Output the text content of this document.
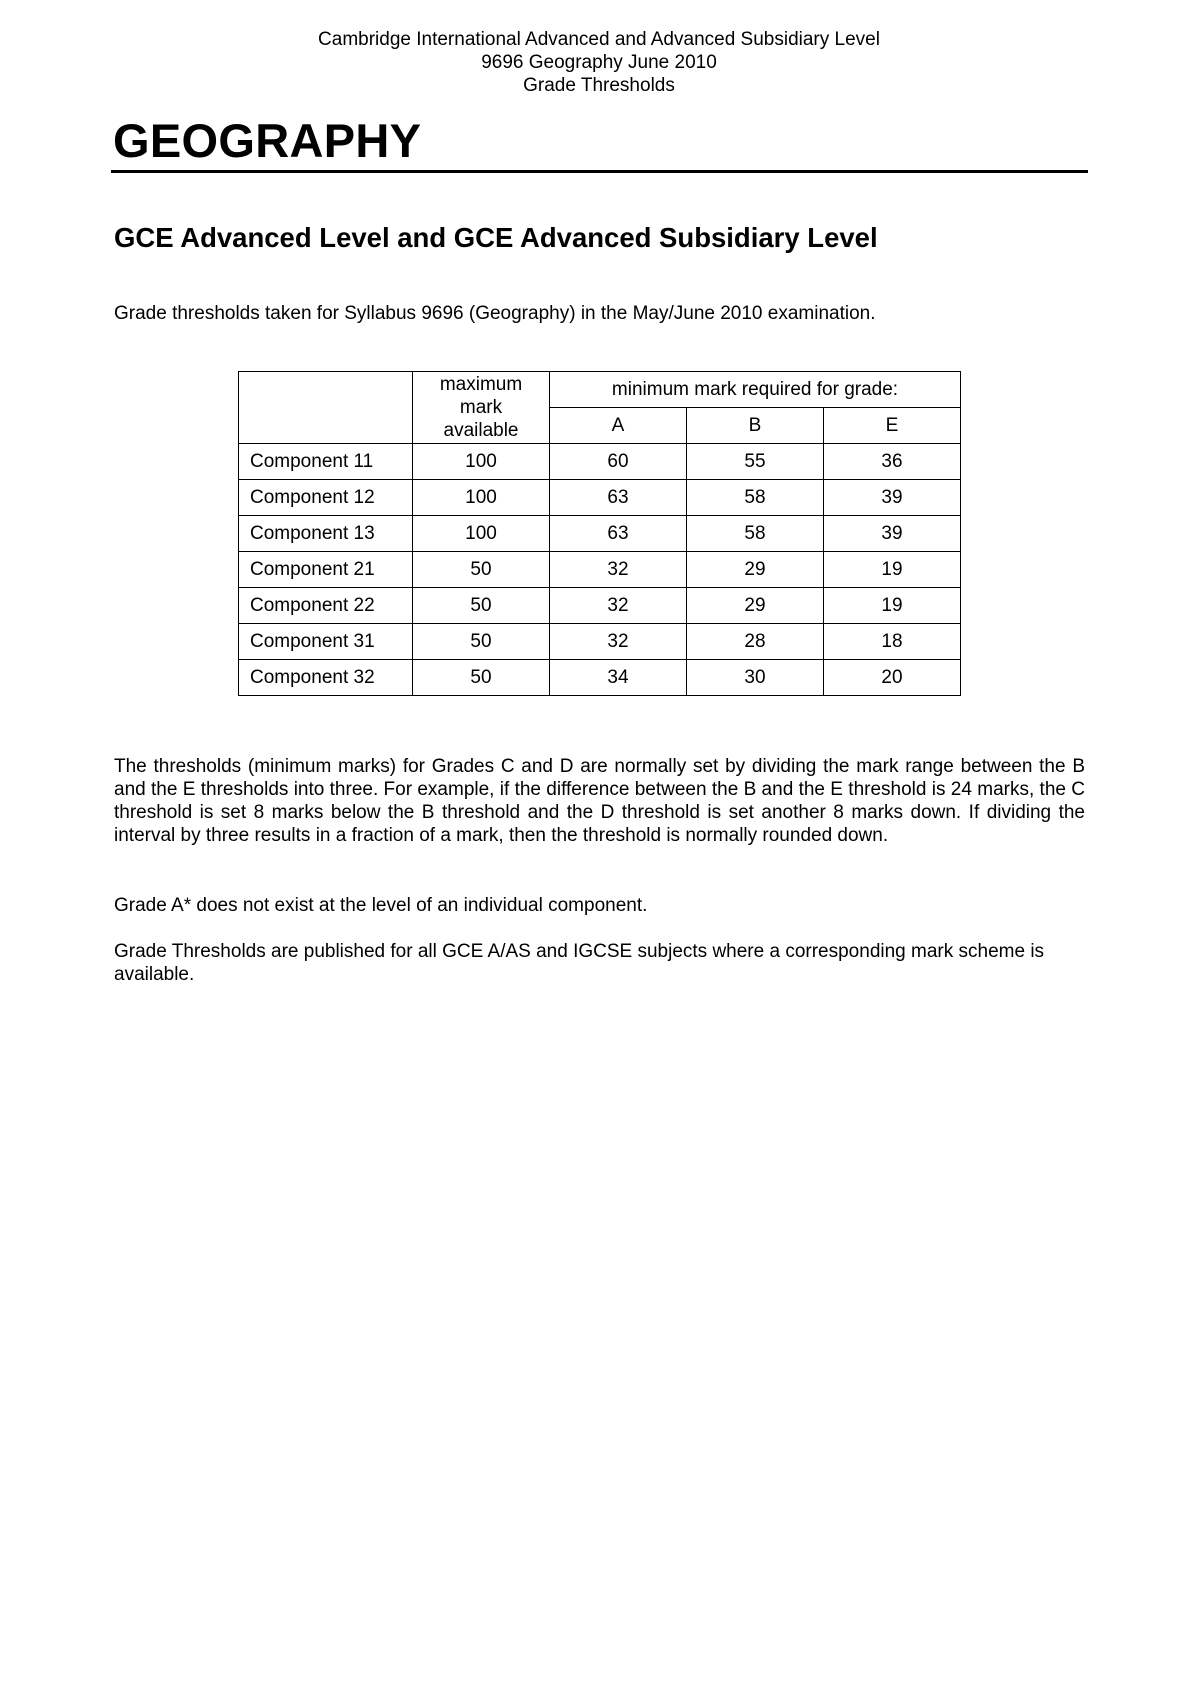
Cambridge International Advanced and Advanced Subsidiary Level
9696 Geography June 2010
Grade Thresholds
GEOGRAPHY
GCE Advanced Level and GCE Advanced Subsidiary Level
Grade thresholds taken for Syllabus 9696 (Geography) in the May/June 2010 examination.

	maximum
mark
available	minimum mark required for grade:		
		A	B	E
Component 11	100	60	55	36
Component 12	100	63	58	39
Component 13	100	63	58	39
Component 21	50	32	29	19
Component 22	50	32	29	19
Component 31	50	32	28	18
Component 32	50	34	30	20
The thresholds (minimum marks) for Grades C and D are normally set by dividing the mark range between the B and the E thresholds into three. For example, if the difference between the B and the E threshold is 24 marks, the C threshold is set 8 marks below the B threshold and the D threshold is set another 8 marks down. If dividing the interval by three results in a fraction of a mark, then the threshold is normally rounded down.
Grade A* does not exist at the level of an individual component.
Grade Thresholds are published for all GCE A/AS and IGCSE subjects where a corresponding mark scheme is available.
